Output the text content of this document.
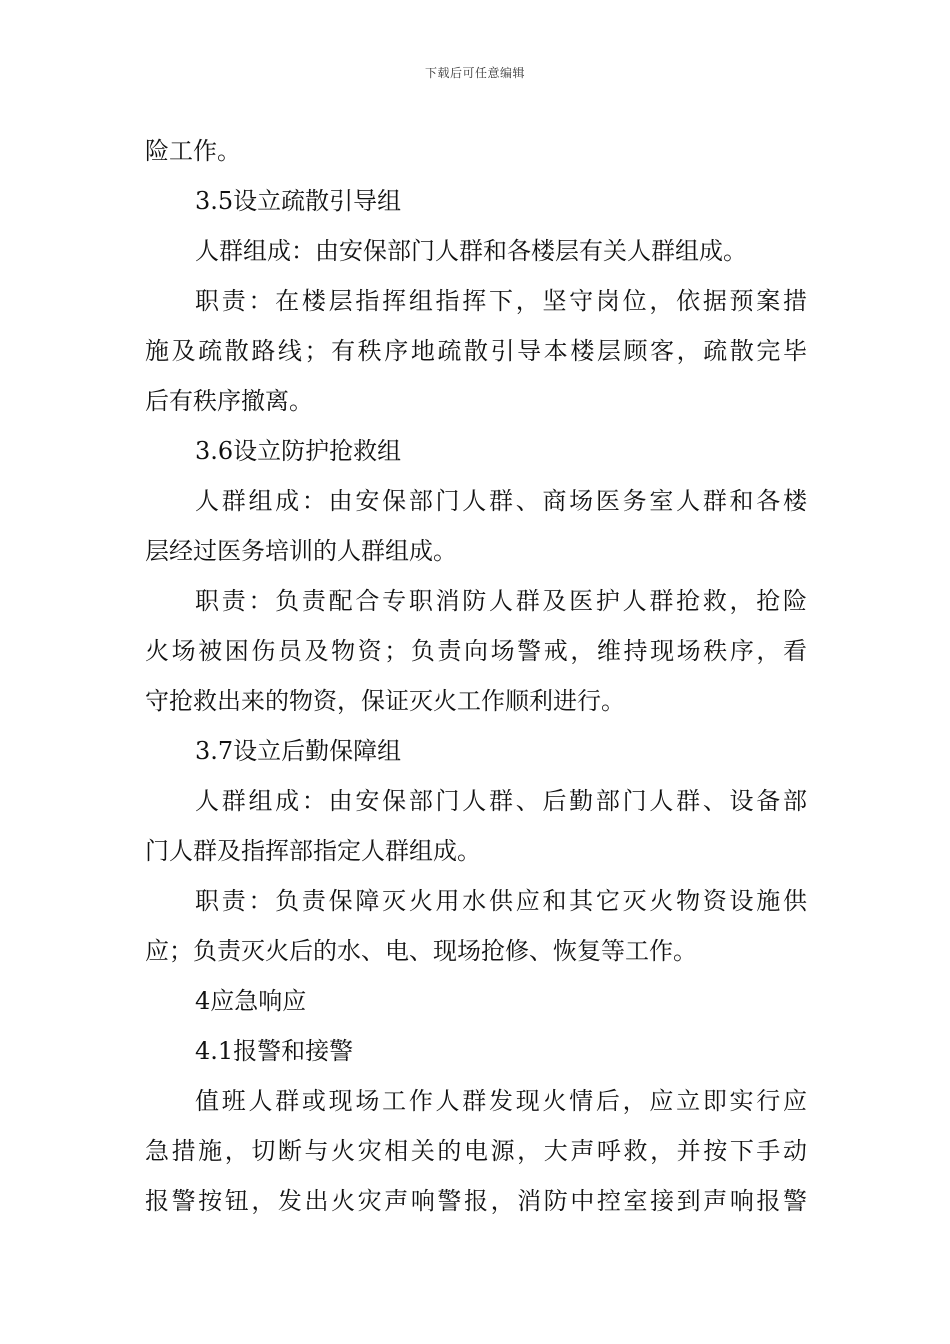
下载后可任意编辑
险工作。
3.5设立疏散引导组
人群组成：由安保部门人群和各楼层有关人群组成。
职责：在楼层指挥组指挥下，坚守岗位，依据预案措
施及疏散路线；有秩序地疏散引导本楼层顾客，疏散完毕
后有秩序撤离。
3.6设立防护抢救组
人群组成：由安保部门人群、商场医务室人群和各楼
层经过医务培训的人群组成。
职责：负责配合专职消防人群及医护人群抢救，抢险
火场被困伤员及物资；负责向场警戒，维持现场秩序，看
守抢救出来的物资，保证灭火工作顺利进行。
3.7设立后勤保障组
人群组成：由安保部门人群、后勤部门人群、设备部
门人群及指挥部指定人群组成。
职责：负责保障灭火用水供应和其它灭火物资设施供
应；负责灭火后的水、电、现场抢修、恢复等工作。
4应急响应
4.1报警和接警
值班人群或现场工作人群发现火情后，应立即实行应
急措施，切断与火灾相关的电源，大声呼救，并按下手动
报警按钮，发出火灾声响警报，消防中控室接到声响报警
